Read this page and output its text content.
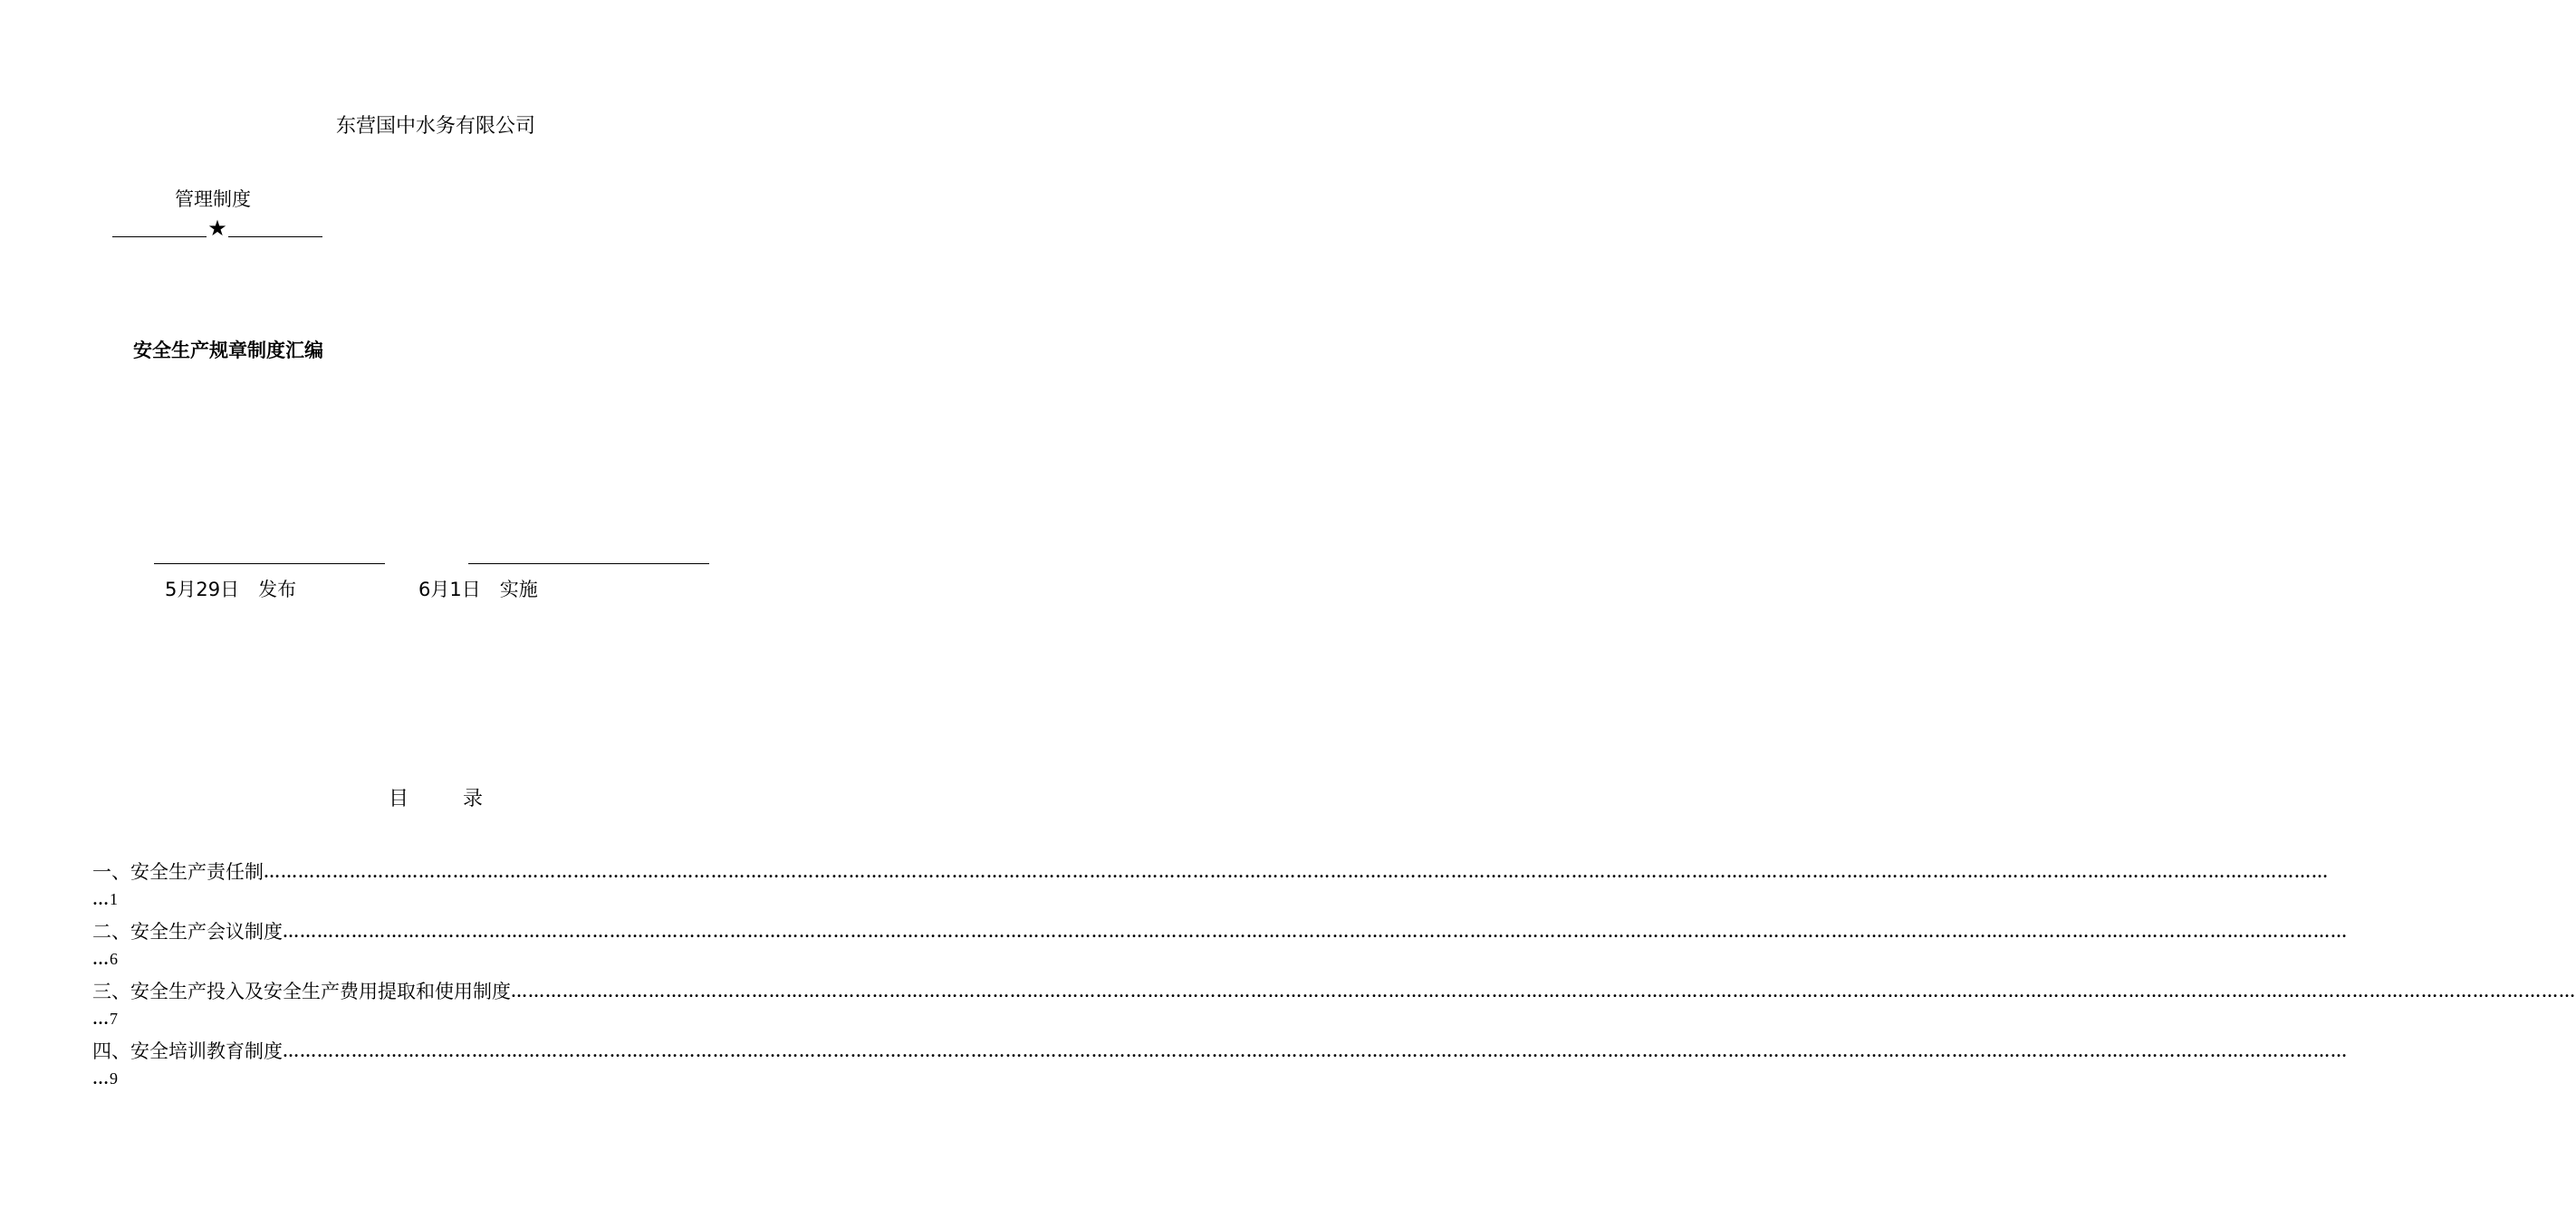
东营国中水务有限公司
管理制度
★
安全生产规章制度汇编
5月29日　 发布	6月1日　 实施
目	录
一、安全生产责任制 ………………………………………………………………………………………………………………………………………………………………………………………………………………………………………………………………………………………………………………………………
…1
二、安全生产会议制度 ………………………………………………………………………………………………………………………………………………………………………………………………………………………………………………………………………………………………………………………………
…6
三、安全生产投入及安全生产费用提取和使用制度 ………………………………………………………………………………………………………………………………………………………………………………………………………………………………………………………………………………………………………………………………
…7
四、安全培训教育制度 ………………………………………………………………………………………………………………………………………………………………………………………………………………………………………………………………………………………………………………………………
…9
